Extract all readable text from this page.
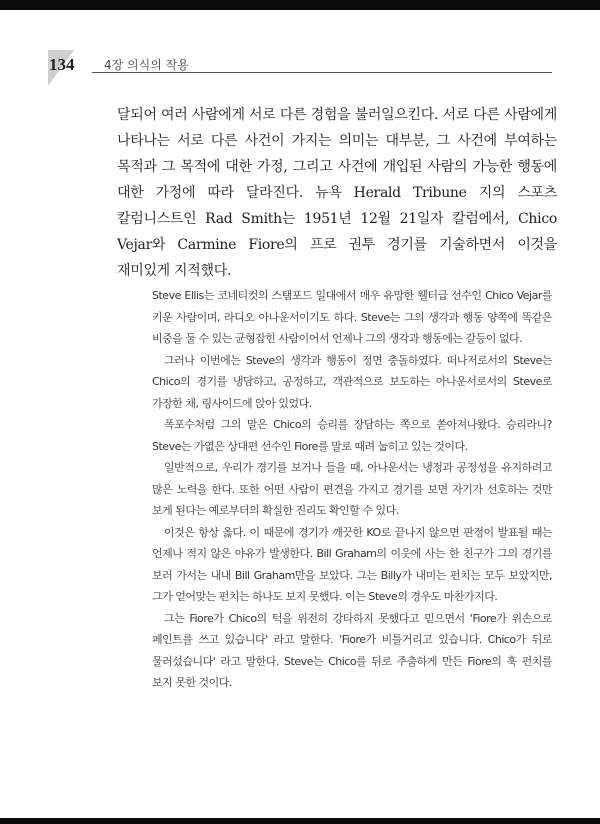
134 4장 의식의 작용

달되어 여러 사람에게 서로 다른 경험을 불러일으킨다. 서로 다른 사람에게 나타나는 서로 다른 사건이 가지는 의미는 대부분, 그 사건에 부여하는 목적과 그 목적에 대한 가정, 그리고 사건에 개입된 사람의 가능한 행동에 대한 가정에 따라 달라진다. 뉴욕 Herald Tribune 지의 스포츠 칼럼니스트인 Rad Smith는 1951년 12월 21일자 칼럼에서, Chico Vejar와 Carmine Fiore의 프로 권투 경기를 기술하면서 이것을 재미있게 지적했다.

Steve Ellis는 코네티컷의 스탬포드 일대에서 매우 유망한 웰터급 선수인 Chico Vejar를 키운 사람이며, 라디오 아나운서이기도 하다. Steve는 그의 생각과 행동 양쪽에 똑같은 비중을 둘 수 있는 균형잡힌 사람이어서 언제나 그의 생각과 행동에는 갈등이 없다.

그러나 이번에는 Steve의 생각과 행동이 정면 충돌하였다. 떠나저로서의 Steve는 Chico의 경기를 냉담하고, 공정하고, 객관적으로 보도하는 아나운서로서의 Steve로 가장한 채, 링사이드에 앉아 있었다.

폭포수처럼 그의 말은 Chico의 승리를 장담하는 쪽으로 쏟아져나왔다. 승리라니? Steve는 가엾은 상대편 선수인 Fiore를 말로 때려 눕히고 있는 것이다.

일반적으로, 우리가 경기를 보거나 들을 때, 아나운서는 냉정과 공정성을 유지하려고 많은 노력을 한다. 또한 어떤 사람이 편견을 가지고 경기를 보면 자기가 선호하는 것만 보게 된다는 예로부터의 확실한 진리도 확인할 수 있다.

이것은 항상 옳다. 이 때문에 경기가 깨끗한 KO로 끝나지 않으면 판정이 발표될 때는 언제나 적지 않은 야유가 발생한다. Bill Graham의 이웃에 사는 한 친구가 그의 경기를 보러 가서는 내내 Bill Graham만을 보았다. 그는 Billy가 내미는 펀치는 모두 보았지만, 그가 얻어맞는 펀치는 하나도 보지 못했다. 이는 Steve의 경우도 마찬가지다.

그는 Fiore가 Chico의 턱을 위전히 강타하지 못했다고 믿으면서 'Fiore가 위손으로 페인트를 쓰고 있습니다' 라고 말한다. 'Fiore가 비틀거리고 있습니다. Chico가 뒤로 물러섰습니다' 라고 말한다. Steve는 Chico를 뒤로 주춤하게 만든 Fiore의 훅 펀치를 보지 못한 것이다.
